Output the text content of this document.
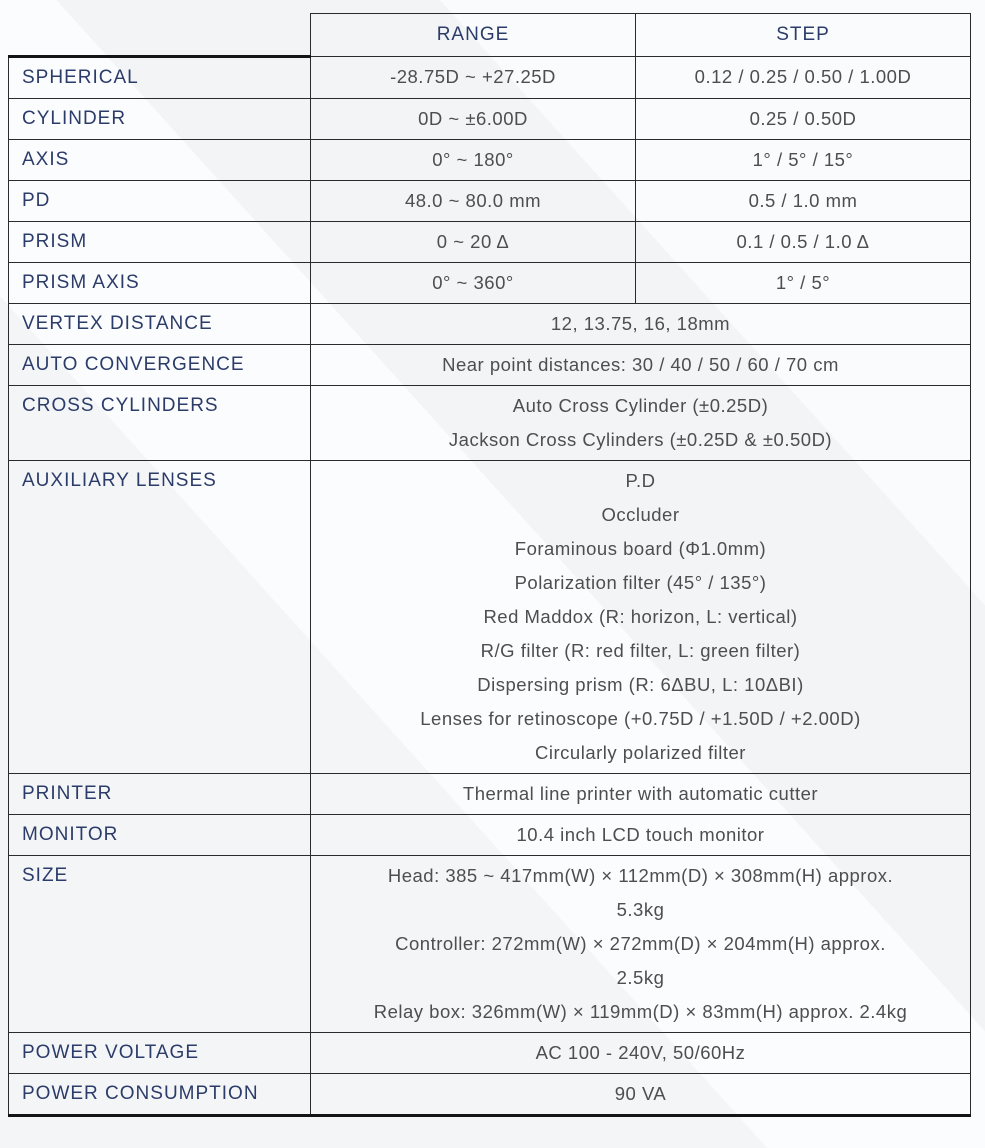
	RANGE	STEP
SPHERICAL	-28.75D ~ +27.25D	0.12 / 0.25 / 0.50 / 1.00D
CYLINDER	0D ~ ±6.00D	0.25 / 0.50D
AXIS	0° ~ 180°	1° / 5° / 15°
PD	48.0 ~ 80.0 mm	0.5 / 1.0 mm
PRISM	0 ~ 20 Δ	0.1 / 0.5 / 1.0 Δ
PRISM AXIS	0° ~ 360°	1° / 5°
VERTEX DISTANCE	12, 13.75, 16, 18mm	

AUTO CONVERGENCE	Near point distances: 30 / 40 / 50 / 60 / 70 cm	

CROSS CYLINDERS	Auto Cross Cylinder (±0.25D)
Jackson Cross Cylinders (±0.25D & ±0.50D)	

AUXILIARY LENSES	P.D
Occluder
Foraminous board (Φ1.0mm)
Polarization filter (45° / 135°)
Red Maddox (R: horizon, L: vertical)
R/G filter (R: red filter, L: green filter)
Dispersing prism (R: 6ΔBU, L: 10ΔBI)
Lenses for retinoscope (+0.75D / +1.50D / +2.00D)
Circularly polarized filter

PRINTER	Thermal line printer with automatic cutter	

MONITOR	10.4 inch LCD touch monitor	

SIZE	Head: 385 ~ 417mm(W) × 112mm(D) × 308mm(H) approx.
5.3kg
Controller: 272mm(W) × 272mm(D) × 204mm(H) approx.
2.5kg
Relay box: 326mm(W) × 119mm(D) × 83mm(H) approx. 2.4kg	

POWER VOLTAGE	AC 100 - 240V, 50/60Hz	

POWER CONSUMPTION	90 VA	
